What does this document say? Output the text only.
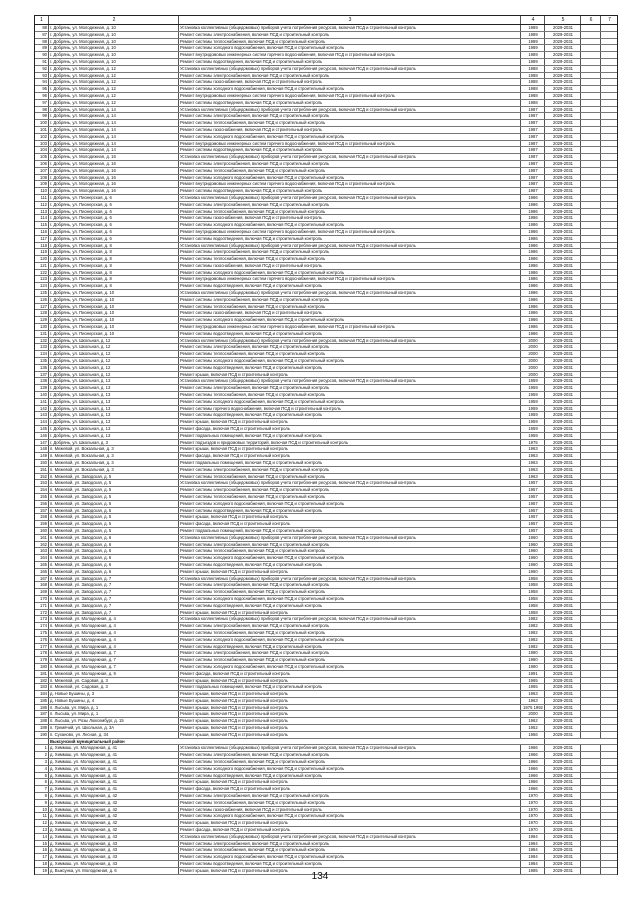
1	2	3	4	5	6	7
88 г. Добрянь, ул. Молодежная, д. 10	Установка коллективных (общедомовых) приборов учета потребления ресурсов, включая ПСД и строительный контроль	1989	2029-2031
87 г. Добрянь, ул. Молодежная, д. 10	Ремонт системы электроснабжения, включая ПСД и строительный контроль	1989	2029-2031
88 г. Добрянь, ул. Молодежная, д. 10	Ремонт системы теплоснабжения, включая ПСД и строительный контроль	1989	2029-2031
89 г. Добрянь, ул. Молодежная, д. 10	Ремонт системы холодного водоснабжения, включая ПСД и строительный контроль	1989	2029-2031
90 г. Добрянь, ул. Молодежная, д. 10	Ремонт внутридомовых инженерных систем горячего водоснабжения, включая ПСД и строительный контроль	1989	2029-2031
91 г. Добрянь, ул. Молодежная, д. 10	Ремонт системы водоотведения, включая ПСД и строительный контроль	1989	2029-2031
92 г. Добрянь, ул. Молодежная, д. 12	Установка коллективных (общедомовых) приборов учета потребления ресурсов, включая ПСД и строительный контроль	1988	2029-2031
93 г. Добрянь, ул. Молодежная, д. 12	Ремонт системы электроснабжения, включая ПСД и строительный контроль	1988	2029-2031
94 г. Добрянь, ул. Молодежная, д. 12	Ремонт системы газоснабжения, включая ПСД и строительный контроль	1988	2029-2031
95 г. Добрянь, ул. Молодежная, д. 12	Ремонт системы холодного водоснабжения, включая ПСД и строительный контроль	1988	2029-2031
96 г. Добрянь, ул. Молодежная, д. 12	Ремонт внутридомовых инженерных систем горячего водоснабжения, включая ПСД и строительный контроль	1988	2029-2031
97 г. Добрянь, ул. Молодежная, д. 12	Ремонт системы водоотведения, включая ПСД и строительный контроль	1988	2029-2031
98 г. Добрянь, ул. Молодежная, д. 14	Установка коллективных (общедомовых) приборов учета потребления ресурсов, включая ПСД и строительный контроль	1987	2029-2031
99 г. Добрянь, ул. Молодежная, д. 14	Ремонт системы электроснабжения, включая ПСД и строительный контроль	1987	2029-2031
100 г. Добрянь, ул. Молодежная, д. 14	Ремонт системы теплоснабжения, включая ПСД и строительный контроль	1987	2029-2031
101 г. Добрянь, ул. Молодежная, д. 14	Ремонт системы газоснабжения, включая ПСД и строительный контроль	1987	2029-2031
102 г. Добрянь, ул. Молодежная, д. 14	Ремонт системы холодного водоснабжения, включая ПСД и строительный контроль	1987	2029-2031
103 г. Добрянь, ул. Молодежная, д. 14	Ремонт внутридомовых инженерных систем горячего водоснабжения, включая ПСД и строительный контроль	1987	2029-2031
104 г. Добрянь, ул. Молодежная, д. 14	Ремонт системы водоотведения, включая ПСД и строительный контроль	1987	2029-2031
105 г. Добрянь, ул. Молодежная, д. 16	Установка коллективных (общедомовых) приборов учета потребления ресурсов, включая ПСД и строительный контроль	1987	2029-2031
106 г. Добрянь, ул. Молодежная, д. 16	Ремонт системы электроснабжения, включая ПСД и строительный контроль	1987	2029-2031
107 г. Добрянь, ул. Молодежная, д. 16	Ремонт системы теплоснабжения, включая ПСД и строительный контроль	1987	2029-2031
108 г. Добрянь, ул. Молодежная, д. 16	Ремонт системы холодного водоснабжения, включая ПСД и строительный контроль	1987	2029-2031
109 г. Добрянь, ул. Молодежная, д. 16	Ремонт внутридомовых инженерных систем горячего водоснабжения, включая ПСД и строительный контроль	1987	2029-2031
110 г. Добрянь, ул. Молодежная, д. 16	Ремонт системы водоотведения, включая ПСД и строительный контроль	1987	2029-2031
111 г. Добрянь, ул. Пионерская, д. 6	Установка коллективных (общедомовых) приборов учета потребления ресурсов, включая ПСД и строительный контроль	1986	2029-2031
112 г. Добрянь, ул. Пионерская, д. 6	Ремонт системы электроснабжения, включая ПСД и строительный контроль	1986	2029-2031
113 г. Добрянь, ул. Пионерская, д. 6	Ремонт системы теплоснабжения, включая ПСД и строительный контроль	1986	2029-2031
114 г. Добрянь, ул. Пионерская, д. 6	Ремонт системы газоснабжения, включая ПСД и строительный контроль	1986	2029-2031
115 г. Добрянь, ул. Пионерская, д. 6	Ремонт системы холодного водоснабжения, включая ПСД и строительный контроль	1986	2029-2031
116 г. Добрянь, ул. Пионерская, д. 6	Ремонт внутридомовых инженерных систем горячего водоснабжения, включая ПСД и строительный контроль	1986	2029-2031
117 г. Добрянь, ул. Пионерская, д. 6	Ремонт системы водоотведения, включая ПСД и строительный контроль	1986	2029-2031
118 г. Добрянь, ул. Пионерская, д. 8	Установка коллективных (общедомовых) приборов учета потребления ресурсов, включая ПСД и строительный контроль	1986	2029-2031
119 г. Добрянь, ул. Пионерская, д. 8	Ремонт системы электроснабжения, включая ПСД и строительный контроль	1986	2029-2031
120 г. Добрянь, ул. Пионерская, д. 8	Ремонт системы теплоснабжения, включая ПСД и строительный контроль	1986	2029-2031
121 г. Добрянь, ул. Пионерская, д. 8	Ремонт системы газоснабжения, включая ПСД и строительный контроль	1986	2029-2031
122 г. Добрянь, ул. Пионерская, д. 8	Ремонт системы холодного водоснабжения, включая ПСД и строительный контроль	1986	2029-2031
123 г. Добрянь, ул. Пионерская, д. 8	Ремонт внутридомовых инженерных систем горячего водоснабжения, включая ПСД и строительный контроль	1986	2029-2031
124 г. Добрянь, ул. Пионерская, д. 8	Ремонт системы водоотведения, включая ПСД и строительный контроль	1986	2029-2031
125 г. Добрянь, ул. Пионерская, д. 10	Установка коллективных (общедомовых) приборов учета потребления ресурсов, включая ПСД и строительный контроль	1986	2029-2031
126 г. Добрянь, ул. Пионерская, д. 10	Ремонт системы электроснабжения, включая ПСД и строительный контроль	1986	2029-2031
127 г. Добрянь, ул. Пионерская, д. 10	Ремонт системы теплоснабжения, включая ПСД и строительный контроль	1986	2029-2031
128 г. Добрянь, ул. Пионерская, д. 10	Ремонт системы газоснабжения, включая ПСД и строительный контроль	1986	2029-2031
129 г. Добрянь, ул. Пионерская, д. 10	Ремонт системы холодного водоснабжения, включая ПСД и строительный контроль	1986	2029-2031
130 г. Добрянь, ул. Пионерская, д. 10	Ремонт внутридомовых инженерных систем горячего водоснабжения, включая ПСД и строительный контроль	1986	2029-2031
131 г. Добрянь, ул. Пионерская, д. 10	Ремонт системы водоотведения, включая ПСД и строительный контроль	1986	2029-2031
132 г. Добрянь, ул. Школьная, д. 12	Установка коллективных (общедомовых) приборов учета потребления ресурсов, включая ПСД и строительный контроль	2000	2029-2031
133 г. Добрянь, ул. Школьная, д. 12	Ремонт системы электроснабжения, включая ПСД и строительный контроль	2000	2029-2031
134 г. Добрянь, ул. Школьная, д. 12	Ремонт системы теплоснабжения, включая ПСД и строительный контроль	2000	2029-2031
135 г. Добрянь, ул. Школьная, д. 12	Ремонт системы холодного водоснабжения, включая ПСД и строительный контроль	2000	2029-2031
136 г. Добрянь, ул. Школьная, д. 12	Ремонт системы водоотведения, включая ПСД и строительный контроль	2000	2029-2031
137 г. Добрянь, ул. Школьная, д. 12	Ремонт крыши, включая ПСД и строительный контроль	2000	2029-2031
138 г. Добрянь, ул. Школьная, д. 13	Установка коллективных (общедомовых) приборов учета потребления ресурсов, включая ПСД и строительный контроль	1959	2029-2031
139 г. Добрянь, ул. Школьная, д. 13	Ремонт системы электроснабжения, включая ПСД и строительный контроль	1959	2029-2031
140 г. Добрянь, ул. Школьная, д. 13	Ремонт системы теплоснабжения, включая ПСД и строительный контроль	1959	2029-2031
141 г. Добрянь, ул. Школьная, д. 13	Ремонт системы холодного водоснабжения, включая ПСД и строительный контроль	1959	2029-2031
142 г. Добрянь, ул. Школьная, д. 13	Ремонт системы горячего водоснабжения, включая ПСД и строительный контроль	1959	2029-2031
143 г. Добрянь, ул. Школьная, д. 13	Ремонт системы водоотведения, включая ПСД и строительный контроль	1959	2029-2031
144 г. Добрянь, ул. Школьная, д. 13	Ремонт крыши, включая ПСД и строительный контроль	1959	2029-2031
145 г. Добрянь, ул. Школьная, д. 13	Ремонт фасада, включая ПСД и строительный контроль	1959	2029-2031
146 г. Добрянь, ул. Школьная, д. 13	Ремонт подвальных помещений, включая ПСД и строительный контроль	1959	2029-2031
147 г. Добрянь, ул. Школьная, д. 3	Ремонт подъездов и придомовых территорий, включая ПСД и строительный контроль	1975	2029-2031
148 п. Межевой, ул. Вокзальная, д. 3	Ремонт крыши, включая ПСД и строительный контроль	1963	2029-2031
149 п. Межевой, ул. Вокзальная, д. 3	Ремонт фасада, включая ПСД и строительный контроль	1963	2029-2031
150 п. Межевой, ул. Вокзальная, д. 3	Ремонт подвальных помещений, включая ПСД и строительный контроль	1963	2029-2031
151 п. Межевой, ул. Вокзальная, д. 3	Ремонт системы электроснабжения, включая ПСД и строительный контроль	1963	2029-2031
152 п. Межевой, ул. Заводская, д. 5	Ремонт системы теплоснабжения, включая ПСД и строительный контроль	1963	2029-2031
153 п. Межевой, ул. Заводская, д. 5	Установка коллективных (общедомовых) приборов учета потребления ресурсов, включая ПСД и строительный контроль	1957	2029-2031
154 п. Межевой, ул. Заводская, д. 5	Ремонт системы электроснабжения, включая ПСД и строительный контроль	1957	2029-2031
155 п. Межевой, ул. Заводская, д. 5	Ремонт системы теплоснабжения, включая ПСД и строительный контроль	1957	2029-2031
156 п. Межевой, ул. Заводская, д. 5	Ремонт системы холодного водоснабжения, включая ПСД и строительный контроль	1957	2029-2031
157 п. Межевой, ул. Заводская, д. 5	Ремонт системы водоотведения, включая ПСД и строительный контроль	1957	2029-2031
158 п. Межевой, ул. Заводская, д. 5	Ремонт крыши, включая ПСД и строительный контроль	1957	2029-2031
159 п. Межевой, ул. Заводская, д. 5	Ремонт фасада, включая ПСД и строительный контроль	1957	2029-2031
160 п. Межевой, ул. Заводская, д. 5	Ремонт подвальных помещений, включая ПСД и строительный контроль	1957	2029-2031
161 п. Межевой, ул. Заводская, д. 6	Установка коллективных (общедомовых) приборов учета потребления ресурсов, включая ПСД и строительный контроль	1960	2029-2031
162 п. Межевой, ул. Заводская, д. 6	Ремонт системы электроснабжения, включая ПСД и строительный контроль	1960	2029-2031
163 п. Межевой, ул. Заводская, д. 6	Ремонт системы теплоснабжения, включая ПСД и строительный контроль	1960	2029-2031
164 п. Межевой, ул. Заводская, д. 6	Ремонт системы холодного водоснабжения, включая ПСД и строительный контроль	1960	2029-2031
165 п. Межевой, ул. Заводская, д. 6	Ремонт системы водоотведения, включая ПСД и строительный контроль	1960	2029-2031
166 п. Межевой, ул. Заводская, д. 6	Ремонт крыши, включая ПСД и строительный контроль	1960	2029-2031
167 п. Межевой, ул. Заводская, д. 7	Установка коллективных (общедомовых) приборов учета потребления ресурсов, включая ПСД и строительный контроль	1958	2029-2031
168 п. Межевой, ул. Заводская, д. 7	Ремонт системы электроснабжения, включая ПСД и строительный контроль	1958	2029-2031
169 п. Межевой, ул. Заводская, д. 7	Ремонт системы теплоснабжения, включая ПСД и строительный контроль	1958	2029-2031
170 п. Межевой, ул. Заводская, д. 7	Ремонт системы холодного водоснабжения, включая ПСД и строительный контроль	1958	2029-2031
171 п. Межевой, ул. Заводская, д. 7	Ремонт системы водоотведения, включая ПСД и строительный контроль	1958	2029-2031
172 п. Межевой, ул. Заводская, д. 7	Ремонт крыши, включая ПСД и строительный контроль	1958	2029-2031
173 п. Межевой, ул. Молодежная, д. 4	Установка коллективных (общедомовых) приборов учета потребления ресурсов, включая ПСД и строительный контроль	1982	2029-2031
174 п. Межевой, ул. Молодежная, д. 4	Ремонт системы электроснабжения, включая ПСД и строительный контроль	1982	2029-2031
175 п. Межевой, ул. Молодежная, д. 4	Ремонт системы теплоснабжения, включая ПСД и строительный контроль	1982	2029-2031
176 п. Межевой, ул. Молодежная, д. 4	Ремонт системы холодного водоснабжения, включая ПСД и строительный контроль	1982	2029-2031
177 п. Межевой, ул. Молодежная, д. 4	Ремонт системы водоотведения, включая ПСД и строительный контроль	1982	2029-2031
178 п. Межевой, ул. Молодежная, д. 7	Ремонт системы электроснабжения, включая ПСД и строительный контроль	1980	2029-2031
179 п. Межевой, ул. Молодежная, д. 7	Ремонт системы теплоснабжения, включая ПСД и строительный контроль	1980	2029-2031
180 п. Межевой, ул. Молодежная, д. 7	Ремонт системы холодного водоснабжения, включая ПСД и строительный контроль	1980	2029-2031
181 п. Межевой, ул. Молодежная, д. 9	Ремонт фасада, включая ПСД и строительный контроль	1991	2029-2031
182 п. Межевой, ул. Садовая, д. 3	Ремонт крыши, включая ПСД и строительный контроль	1965	2029-2031
183 п. Межевой, ул. Садовая, д. 3	Ремонт подвальных помещений, включая ПСД и строительный контроль	1965	2029-2031
184 д. Новые Бушины, д. 3	Ремонт крыши, включая ПСД и строительный контроль	1963	2029-2031
185 д. Новые Бушины, д. 4	Ремонт крыши, включая ПСД и строительный контроль	1963	2029-2031
186 п. Лысьва, ул. Мира, д. 1	Ремонт крыши, включая ПСД и строительный контроль	1975 1992	2029-2031
187 п. Лысьва, ул. Мира, д. 1	Ремонт крыши, включая ПСД и строительный контроль	2000	2029-2031
188 п. Лысьва, ул. Розы Люксембург, д. 15	Ремонт крыши, включая ПСД и строительный контроль	1962	2029-2031
189 п. Гремячий, ул. Школьная, д. 3А	Ремонт крыши, включая ПСД и строительный контроль	1952	2029-2031
190 п. Суханово, ул. Лесная, д. 34	Ремонт крыши, включая ПСД и строительный контроль	1956	2029-2031
Выксунский муниципальный район
1 д. Химмаш, ул. Молодежная, д. 41	Установка коллективных (общедомовых) приборов учета потребления ресурсов, включая ПСД и строительный контроль	1966	2029-2031
2 д. Химмаш, ул. Молодежная, д. 41	Ремонт системы электроснабжения, включая ПСД и строительный контроль	1966	2029-2031
3 д. Химмаш, ул. Молодежная, д. 41	Ремонт системы теплоснабжения, включая ПСД и строительный контроль	1966	2029-2031
4 д. Химмаш, ул. Молодежная, д. 41	Ремонт системы холодного водоснабжения, включая ПСД и строительный контроль	1966	2029-2031
5 д. Химмаш, ул. Молодежная, д. 41	Ремонт системы водоотведения, включая ПСД и строительный контроль	1966	2029-2031
6 д. Химмаш, ул. Молодежная, д. 41	Ремонт крыши, включая ПСД и строительный контроль	1966	2029-2031
7 д. Химмаш, ул. Молодежная, д. 41	Ремонт фасада, включая ПСД и строительный контроль	1966	2029-2031
8 д. Химмаш, ул. Молодежная, д. 42	Ремонт системы электроснабжения, включая ПСД и строительный контроль	1970	2029-2031
9 д. Химмаш, ул. Молодежная, д. 42	Ремонт системы теплоснабжения, включая ПСД и строительный контроль	1970	2029-2031
10 д. Химмаш, ул. Молодежная, д. 42	Ремонт системы газоснабжения, включая ПСД и строительный контроль	1970	2029-2031
11 д. Химмаш, ул. Молодежная, д. 42	Ремонт системы холодного водоснабжения, включая ПСД и строительный контроль	1970	2029-2031
12 д. Химмаш, ул. Молодежная, д. 42	Ремонт крыши, включая ПСД и строительный контроль	1970	2029-2031
13 д. Химмаш, ул. Молодежная, д. 42	Ремонт фасада, включая ПСД и строительный контроль	1970	2029-2031
14 д. Химмаш, ул. Молодежная, д. 43	Установка коллективных (общедомовых) приборов учета потребления ресурсов, включая ПСД и строительный контроль	1984	2029-2031
15 д. Химмаш, ул. Молодежная, д. 43	Ремонт системы электроснабжения, включая ПСД и строительный контроль	1984	2029-2031
16 д. Химмаш, ул. Молодежная, д. 43	Ремонт системы теплоснабжения, включая ПСД и строительный контроль	1984	2029-2031
17 д. Химмаш, ул. Молодежная, д. 43	Ремонт системы холодного водоснабжения, включая ПСД и строительный контроль	1984	2029-2031
18 д. Химмаш, ул. Молодежная, д. 43	Ремонт системы водоотведения, включая ПСД и строительный контроль	1984	2029-2031
19 д. Выксунка, ул. Молодежная, д. 6	Ремонт крыши, включая ПСД и строительный контроль	1985	2029-2031
134
